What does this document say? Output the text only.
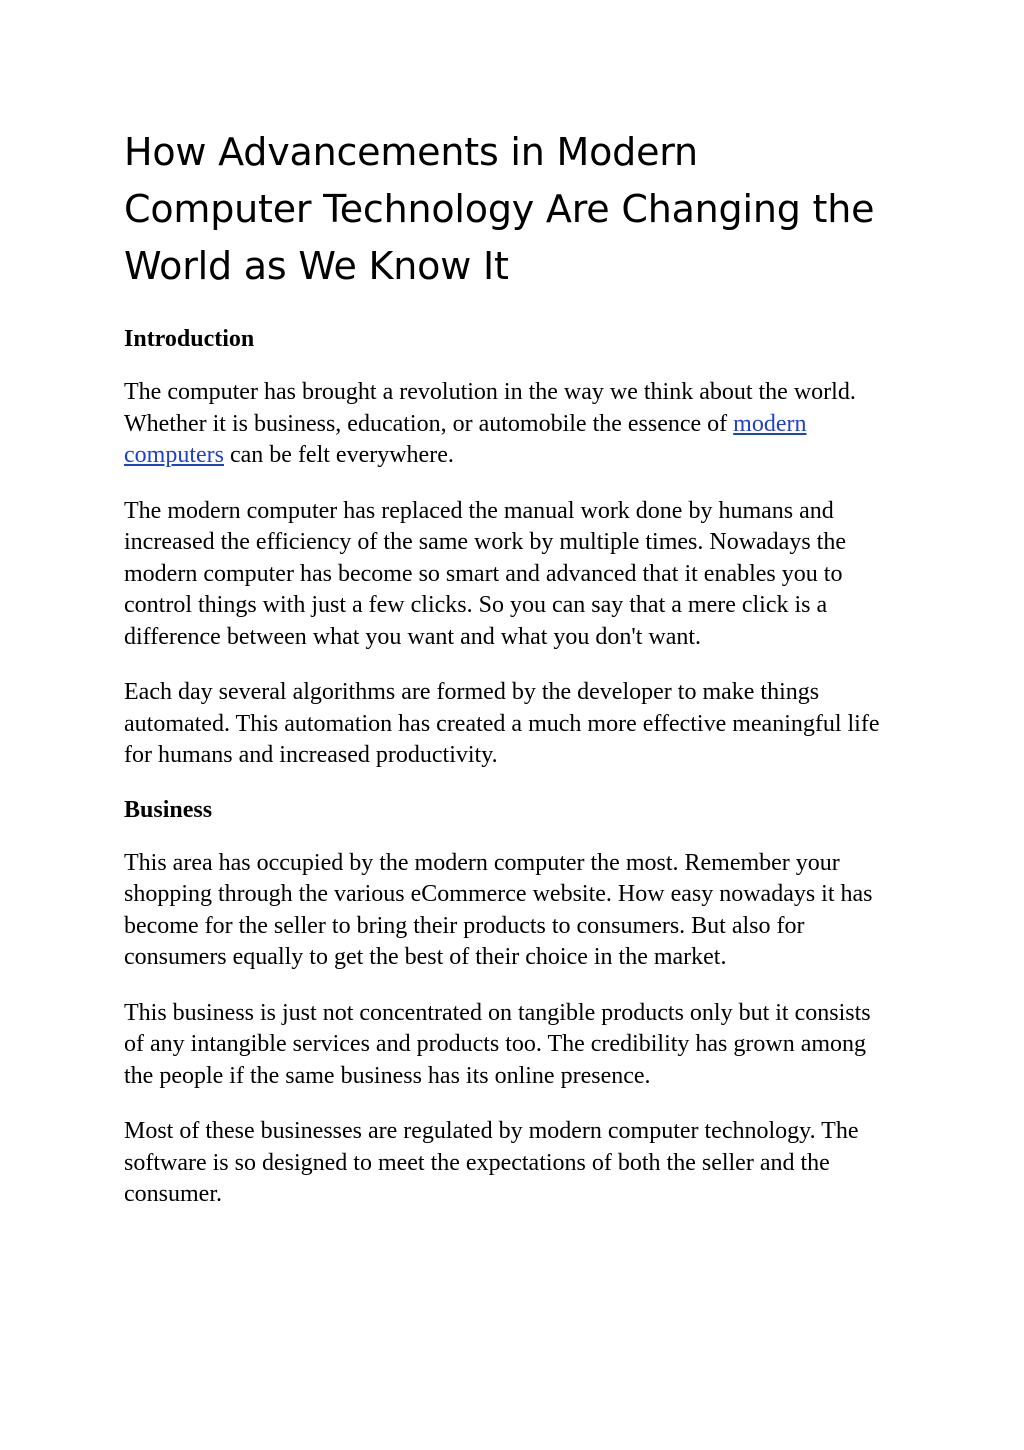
How Advancements in Modern Computer Technology Are Changing the World as We Know It
Introduction

The computer has brought a revolution in the way we think about the world. Whether it is business, education, or automobile the essence of modern computers can be felt everywhere.

The modern computer has replaced the manual work done by humans and increased the efficiency of the same work by multiple times. Nowadays the modern computer has become so smart and advanced that it enables you to control things with just a few clicks. So you can say that a mere click is a difference between what you want and what you don't want.

Each day several algorithms are formed by the developer to make things automated. This automation has created a much more effective meaningful life for humans and increased productivity.

Business

This area has occupied by the modern computer the most. Remember your shopping through the various eCommerce website. How easy nowadays it has become for the seller to bring their products to consumers. But also for consumers equally to get the best of their choice in the market.

This business is just not concentrated on tangible products only but it consists of any intangible services and products too. The credibility has grown among the people if the same business has its online presence.

Most of these businesses are regulated by modern computer technology. The software is so designed to meet the expectations of both the seller and the consumer.
